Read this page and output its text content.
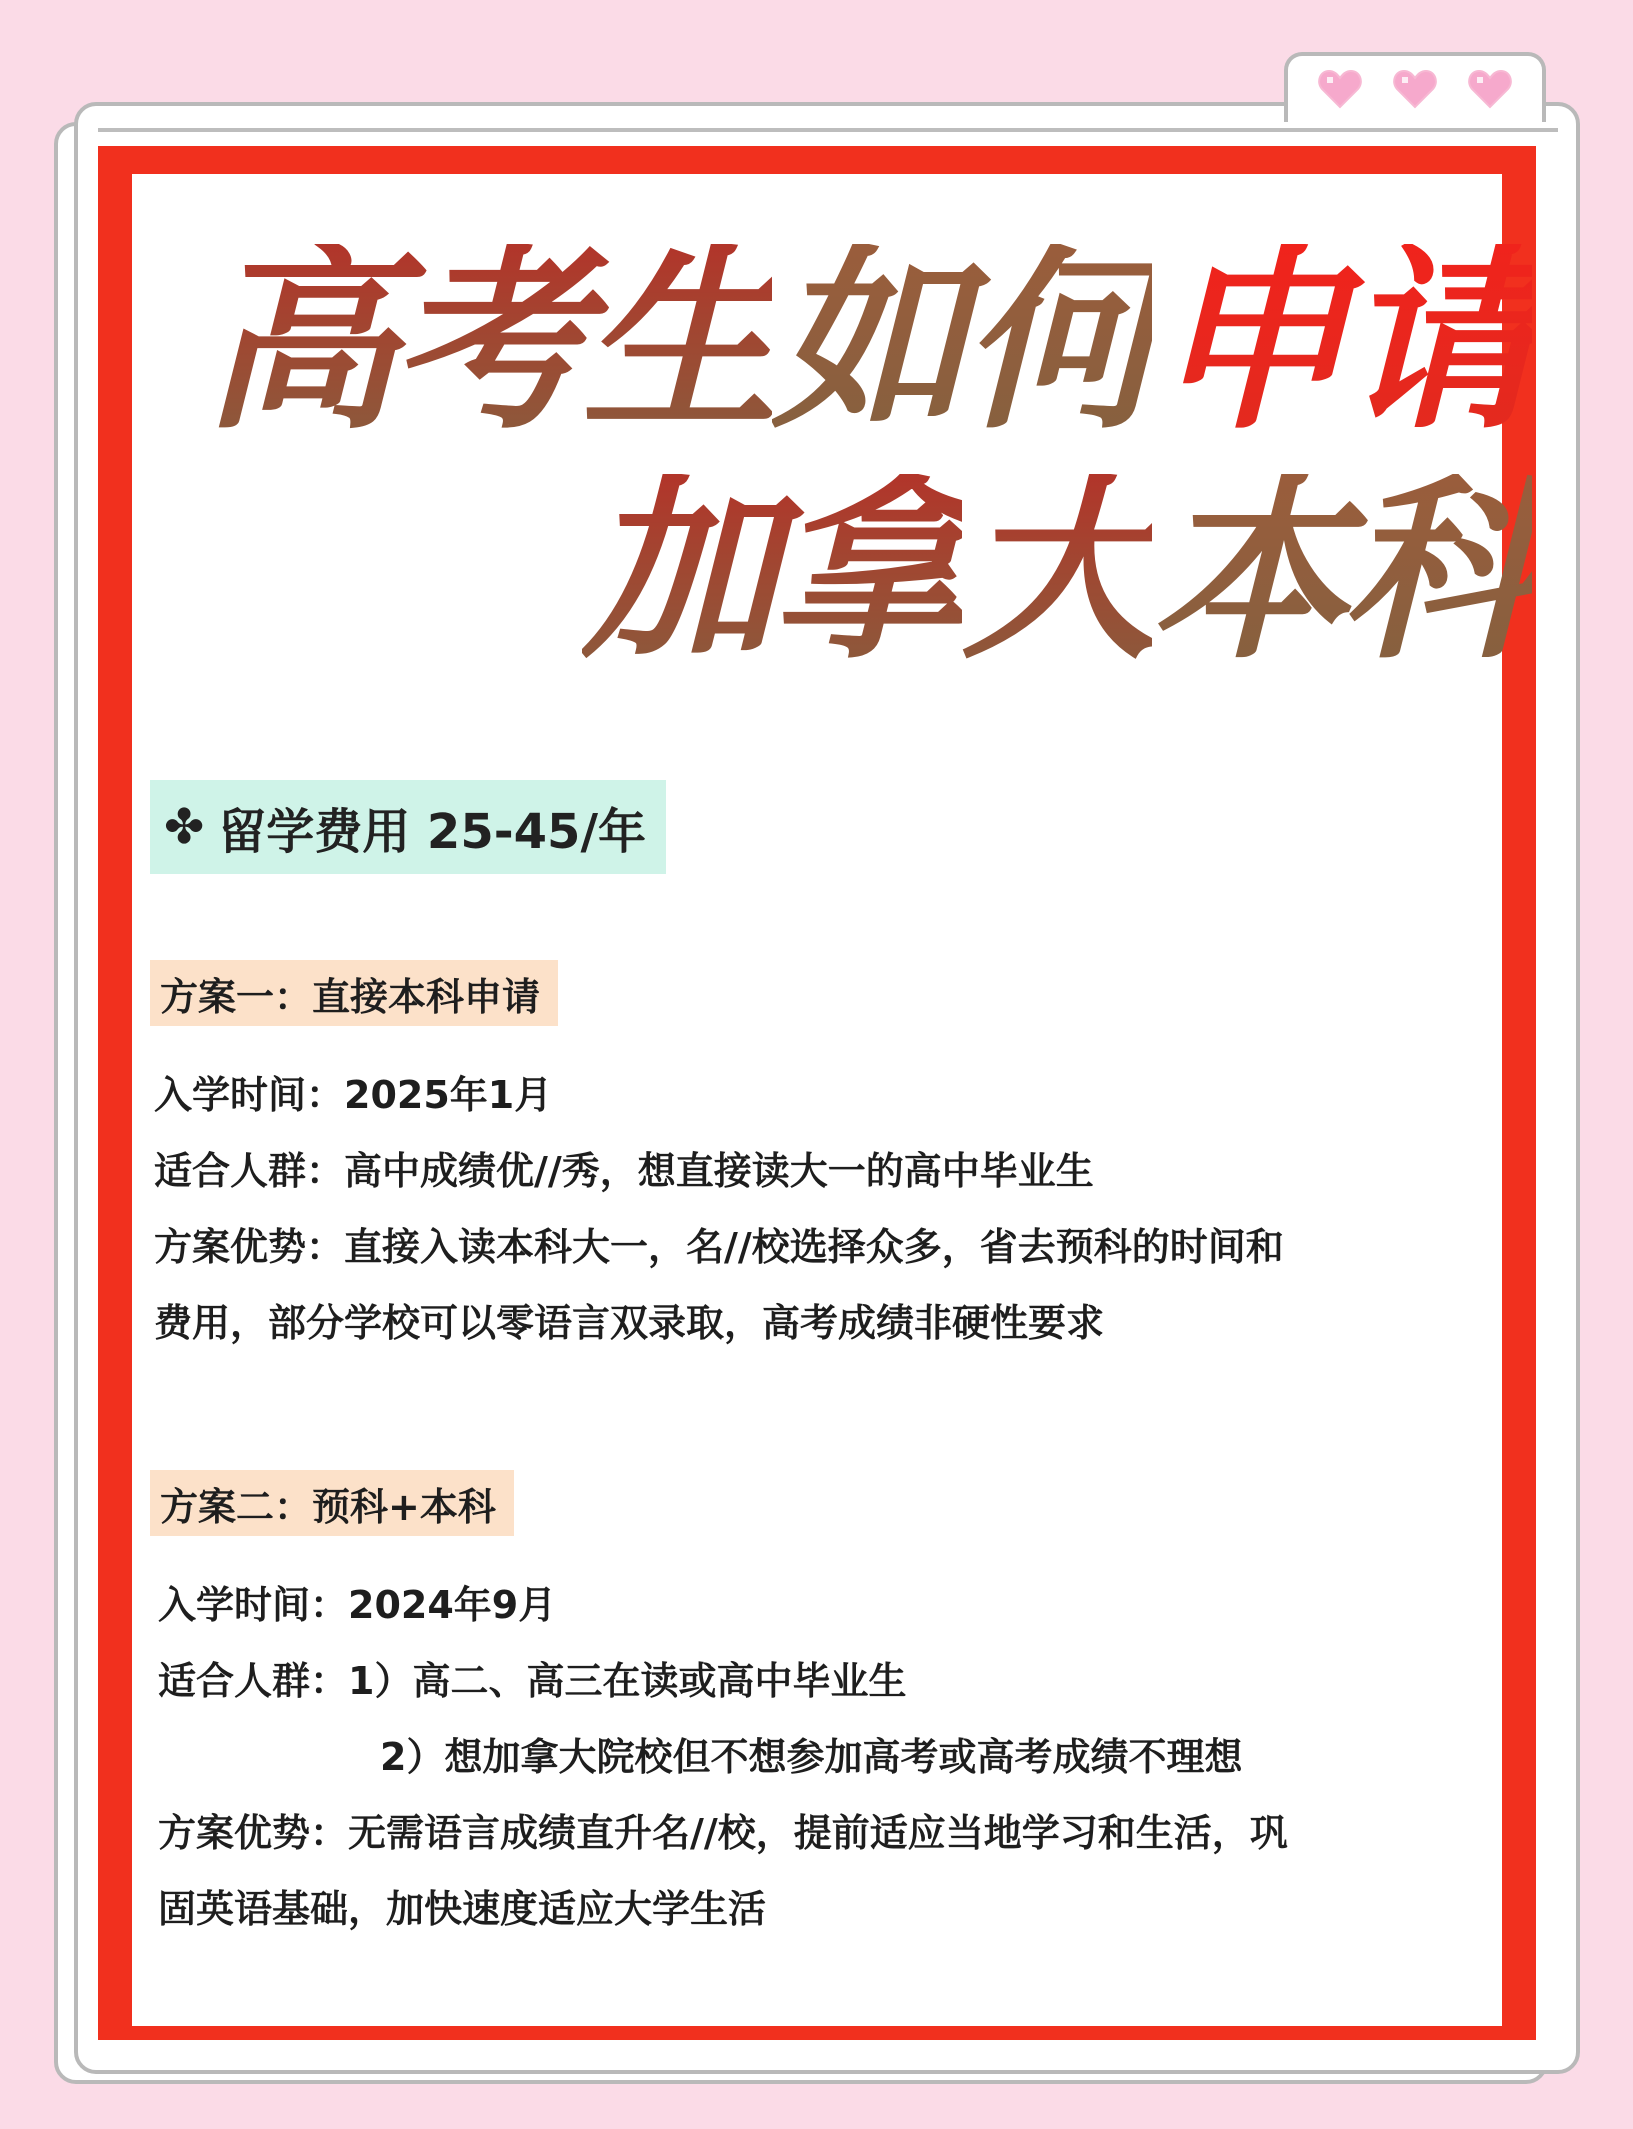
高考生如何申请
加拿大本科
✤ 留学费用 25-45/年
方案一：直接本科申请
入学时间：2025年1月
适合人群：高中成绩优//秀，想直接读大一的高中毕业生
方案优势：直接入读本科大一，名//校选择众多，省去预科的时间和
费用，部分学校可以零语言双录取，高考成绩非硬性要求
方案二：预科+本科
入学时间：2024年9月
适合人群：1）高二、高三在读或高中毕业生
2）想加拿大院校但不想参加高考或高考成绩不理想
方案优势：无需语言成绩直升名//校，提前适应当地学习和生活，巩
固英语基础，加快速度适应大学生活
